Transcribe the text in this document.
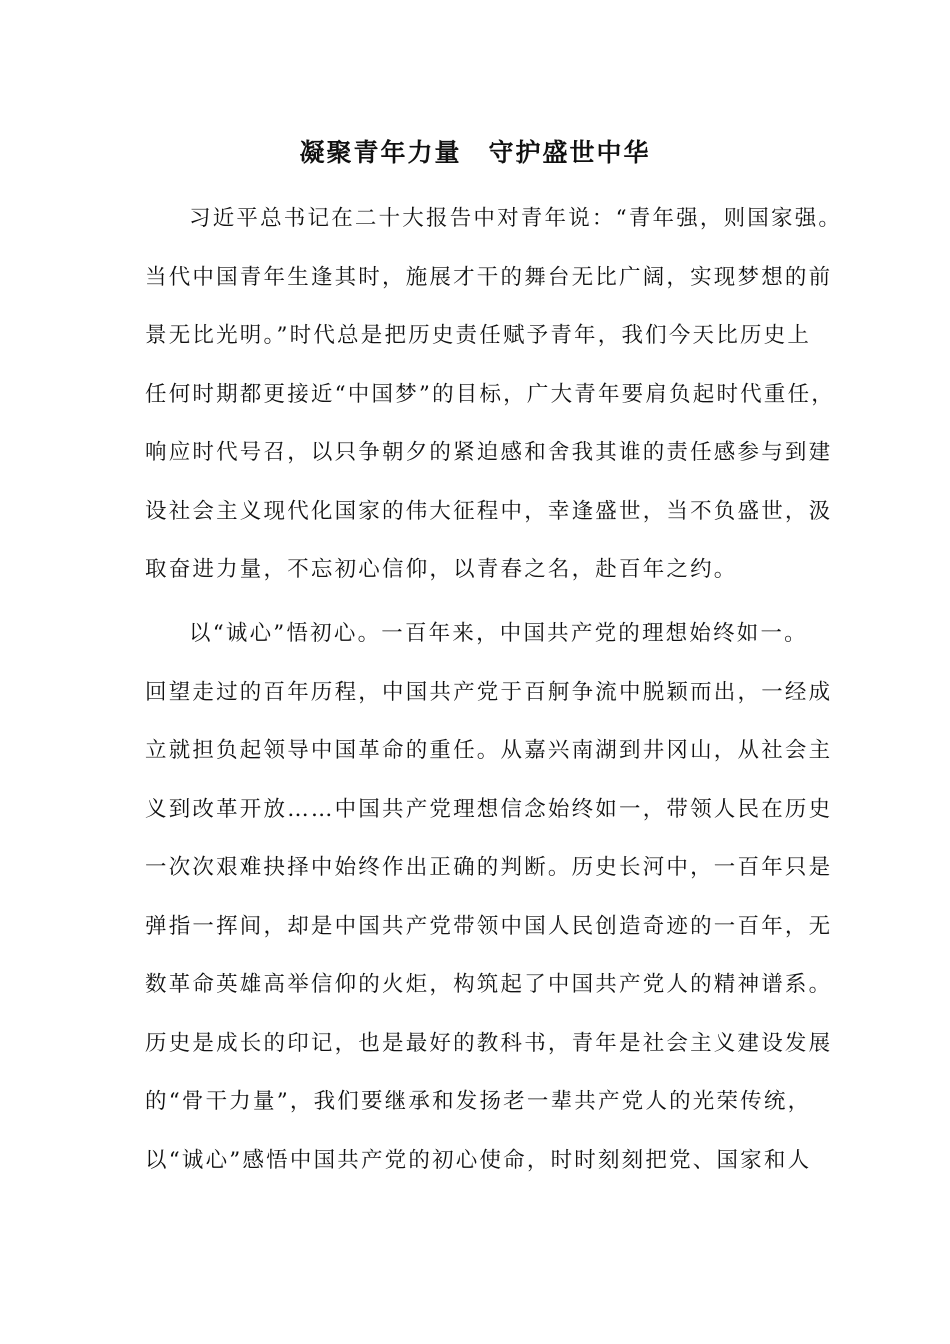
凝聚青年力量　守护盛世中华
习近平总书记在二十大报告中对青年说：“青年强，则国家强。
当代中国青年生逢其时，施展才干的舞台无比广阔，实现梦想的前
景无比光明。”时代总是把历史责任赋予青年，我们今天比历史上
任何时期都更接近“中国梦”的目标，广大青年要肩负起时代重任，
响应时代号召，以只争朝夕的紧迫感和舍我其谁的责任感参与到建
设社会主义现代化国家的伟大征程中，幸逢盛世，当不负盛世，汲
取奋进力量，不忘初心信仰，以青春之名，赴百年之约。
以“诚心”悟初心。一百年来，中国共产党的理想始终如一。
回望走过的百年历程，中国共产党于百舸争流中脱颖而出，一经成
立就担负起领导中国革命的重任。从嘉兴南湖到井冈山，从社会主
义到改革开放……中国共产党理想信念始终如一，带领人民在历史
一次次艰难抉择中始终作出正确的判断。历史长河中，一百年只是
弹指一挥间，却是中国共产党带领中国人民创造奇迹的一百年，无
数革命英雄高举信仰的火炬，构筑起了中国共产党人的精神谱系。
历史是成长的印记，也是最好的教科书，青年是社会主义建设发展
的“骨干力量”，我们要继承和发扬老一辈共产党人的光荣传统，
以“诚心”感悟中国共产党的初心使命，时时刻刻把党、国家和人
